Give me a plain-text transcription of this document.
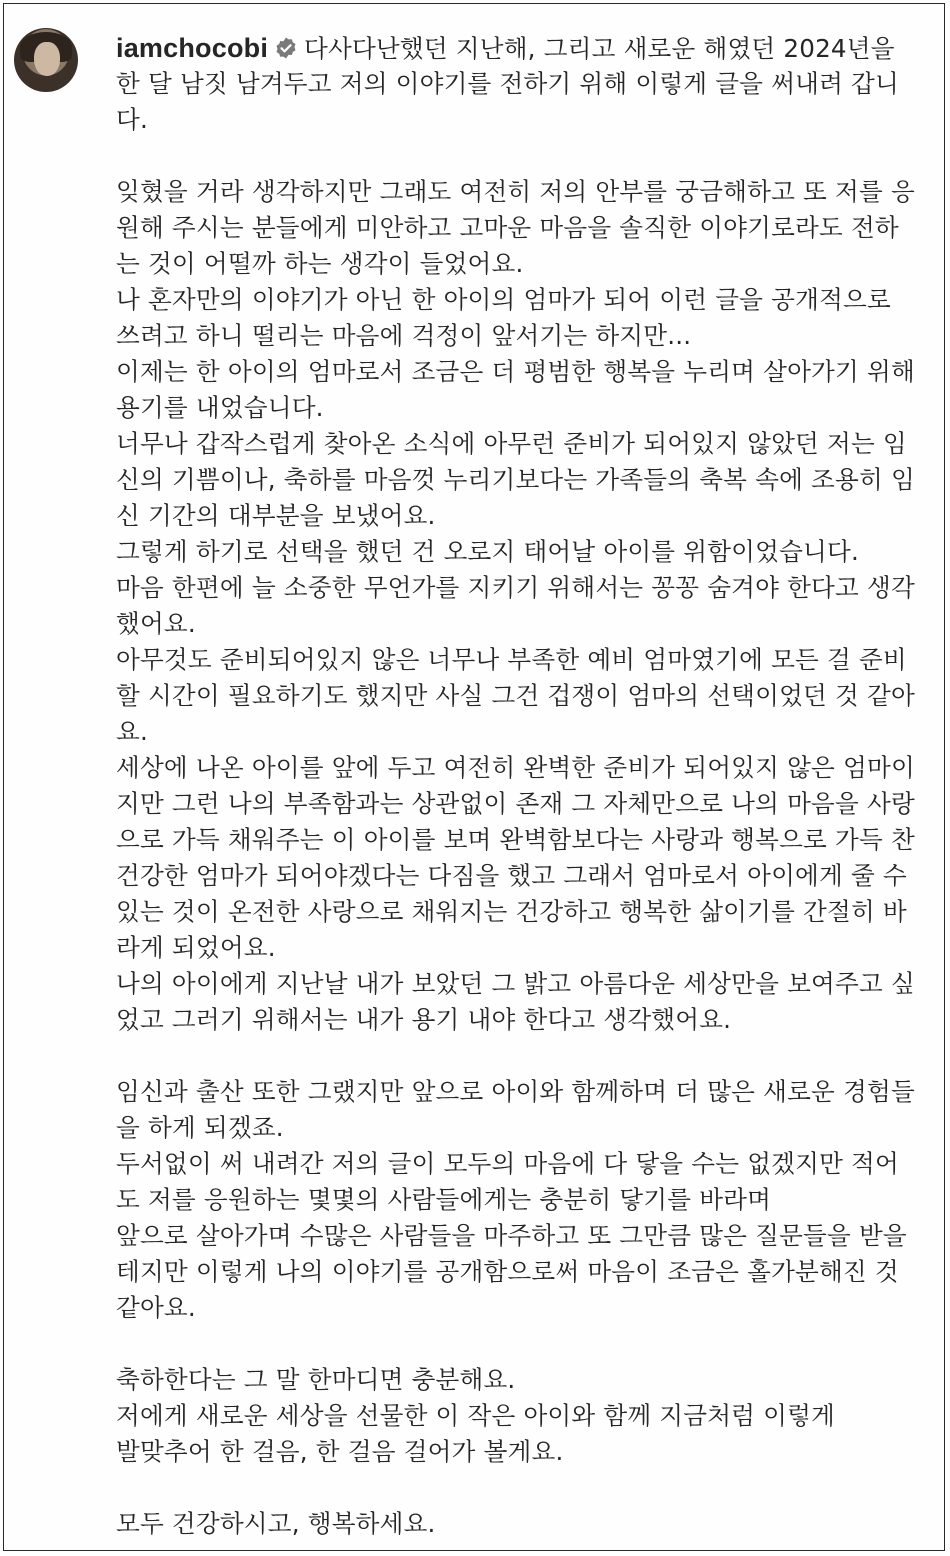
iamchocobi 다사다난했던 지난해, 그리고 새로운 해였던 2024년을
한 달 남짓 남겨두고 저의 이야기를 전하기 위해 이렇게 글을 써내려 갑니
다.
잊혔을 거라 생각하지만 그래도 여전히 저의 안부를 궁금해하고 또 저를 응
원해 주시는 분들에게 미안하고 고마운 마음을 솔직한 이야기로라도 전하
는 것이 어떨까 하는 생각이 들었어요.
나 혼자만의 이야기가 아닌 한 아이의 엄마가 되어 이런 글을 공개적으로
쓰려고 하니 떨리는 마음에 걱정이 앞서기는 하지만...
이제는 한 아이의 엄마로서 조금은 더 평범한 행복을 누리며 살아가기 위해
용기를 내었습니다.
너무나 갑작스럽게 찾아온 소식에 아무런 준비가 되어있지 않았던 저는 임
신의 기쁨이나, 축하를 마음껏 누리기보다는 가족들의 축복 속에 조용히 임
신 기간의 대부분을 보냈어요.
그렇게 하기로 선택을 했던 건 오로지 태어날 아이를 위함이었습니다.
마음 한편에 늘 소중한 무언가를 지키기 위해서는 꽁꽁 숨겨야 한다고 생각
했어요.
아무것도 준비되어있지 않은 너무나 부족한 예비 엄마였기에 모든 걸 준비
할 시간이 필요하기도 했지만 사실 그건 겁쟁이 엄마의 선택이었던 것 같아
요.
세상에 나온 아이를 앞에 두고 여전히 완벽한 준비가 되어있지 않은 엄마이
지만 그런 나의 부족함과는 상관없이 존재 그 자체만으로 나의 마음을 사랑
으로 가득 채워주는 이 아이를 보며 완벽함보다는 사랑과 행복으로 가득 찬
건강한 엄마가 되어야겠다는 다짐을 했고 그래서 엄마로서 아이에게 줄 수
있는 것이 온전한 사랑으로 채워지는 건강하고 행복한 삶이기를 간절히 바
라게 되었어요.
나의 아이에게 지난날 내가 보았던 그 밝고 아름다운 세상만을 보여주고 싶
었고 그러기 위해서는 내가 용기 내야 한다고 생각했어요.
임신과 출산 또한 그랬지만 앞으로 아이와 함께하며 더 많은 새로운 경험들
을 하게 되겠죠.
두서없이 써 내려간 저의 글이 모두의 마음에 다 닿을 수는 없겠지만 적어
도 저를 응원하는 몇몇의 사람들에게는 충분히 닿기를 바라며
앞으로 살아가며 수많은 사람들을 마주하고 또 그만큼 많은 질문들을 받을
테지만 이렇게 나의 이야기를 공개함으로써 마음이 조금은 홀가분해진 것
같아요.
축하한다는 그 말 한마디면 충분해요.
저에게 새로운 세상을 선물한 이 작은 아이와 함께 지금처럼 이렇게
발맞추어 한 걸음, 한 걸음 걸어가 볼게요.
모두 건강하시고, 행복하세요.
